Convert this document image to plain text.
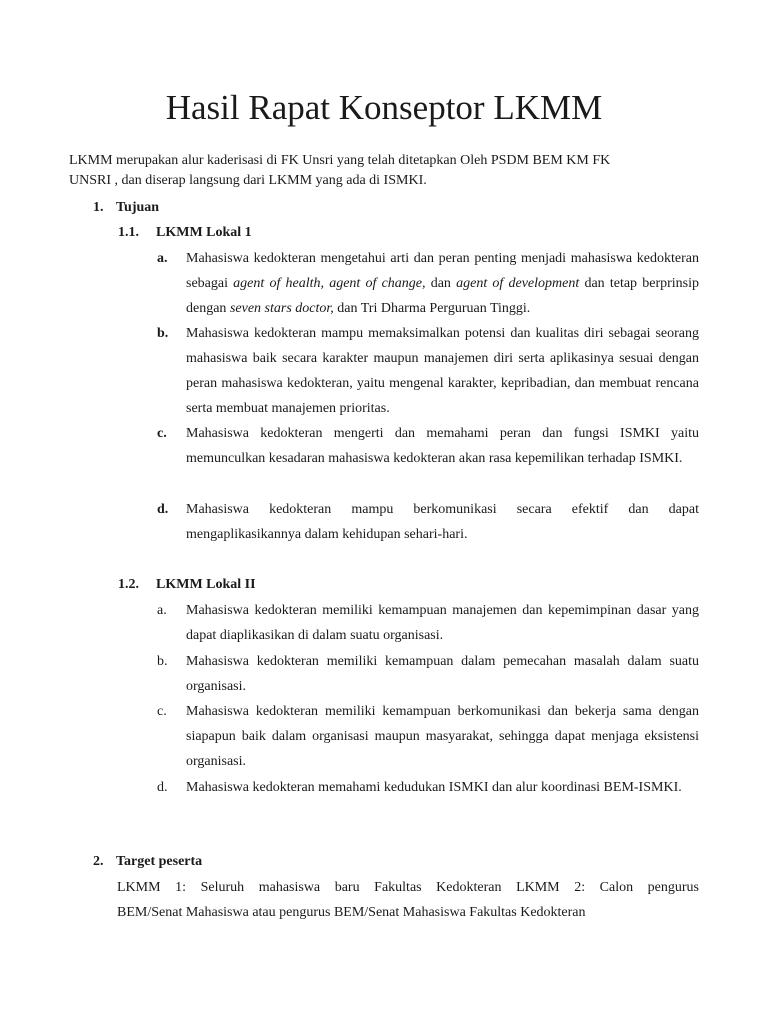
Hasil Rapat Konseptor LKMM
LKMM merupakan alur kaderisasi di FK Unsri yang telah ditetapkan Oleh PSDM BEM KM FK
UNSRI , dan diserap langsung dari LKMM yang ada di ISMKI.
1. Tujuan
1.1. LKMM Lokal 1
a.	Mahasiswa kedokteran mengetahui arti dan peran penting menjadi mahasiswa kedokteran sebagai agent of health, agent of change, dan agent of development dan tetap berprinsip dengan seven stars doctor, dan Tri Dharma Perguruan Tinggi.
b.	Mahasiswa kedokteran mampu memaksimalkan potensi dan kualitas diri sebagai seorang mahasiswa baik secara karakter maupun manajemen diri serta aplikasinya sesuai dengan peran mahasiswa kedokteran, yaitu mengenal karakter, kepribadian, dan membuat rencana serta membuat manajemen prioritas.
c.	Mahasiswa kedokteran mengerti dan memahami peran dan fungsi ISMKI yaitu memunculkan kesadaran mahasiswa kedokteran akan rasa kepemilikan terhadap ISMKI.
d.	Mahasiswa kedokteran mampu berkomunikasi secara efektif dan dapat mengaplikasikannya dalam kehidupan sehari-hari.
1.2. LKMM Lokal II
a.	Mahasiswa kedokteran memiliki kemampuan manajemen dan kepemimpinan dasar yang dapat diaplikasikan di dalam suatu organisasi.
b.	Mahasiswa kedokteran memiliki kemampuan dalam pemecahan masalah dalam suatu organisasi.
c.	Mahasiswa kedokteran memiliki kemampuan berkomunikasi dan bekerja sama dengan siapapun baik dalam organisasi maupun masyarakat, sehingga dapat menjaga eksistensi organisasi.
d.	Mahasiswa kedokteran memahami kedudukan ISMKI dan alur koordinasi BEM-ISMKI.
2. Target peserta
LKMM 1: Seluruh mahasiswa baru Fakultas Kedokteran LKMM 2: Calon pengurus
BEM/Senat Mahasiswa atau pengurus BEM/Senat Mahasiswa Fakultas Kedokteran
